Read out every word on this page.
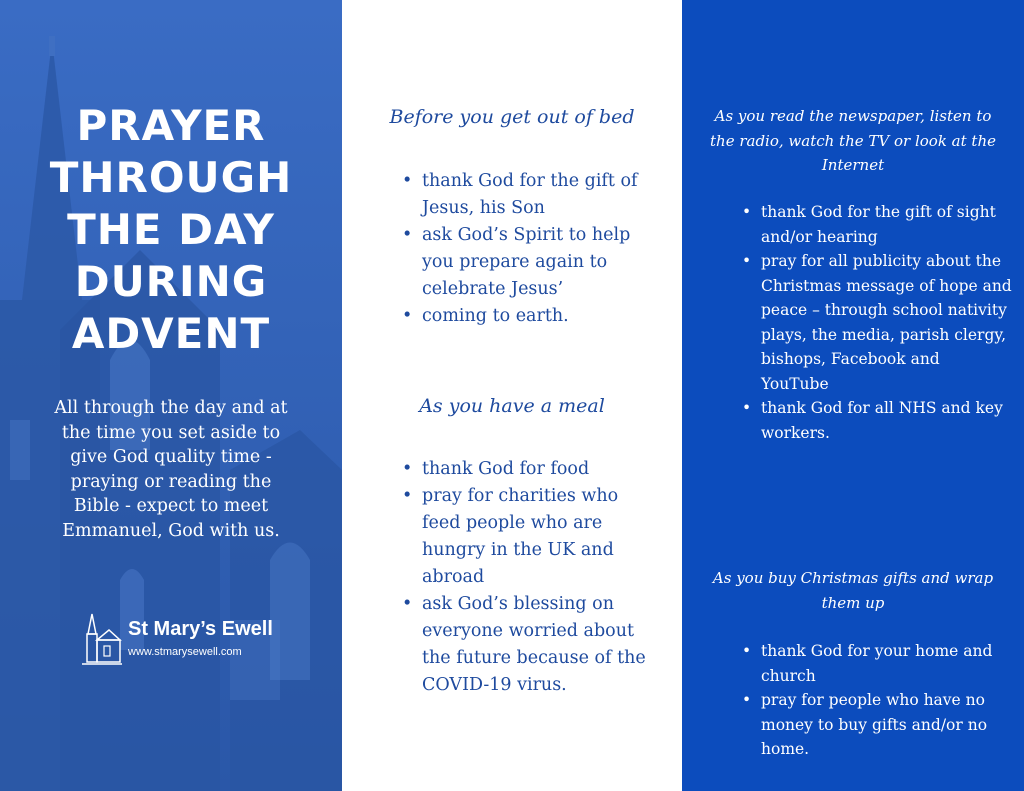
PRAYER
THROUGH
THE DAY
DURING
ADVENT
All through the day and at the time you set aside to give God quality time - praying or reading the Bible - expect to meet Emmanuel, God with us.
St Mary’s Ewell
www.stmarysewell.com
Before you get out of bed
• thank God for the gift of Jesus, his Son
• ask God’s Spirit to help you prepare again to celebrate Jesus’
• coming to earth.
As you have a meal
• thank God for food
• pray for charities who feed people who are hungry in the UK and abroad
• ask God’s blessing on everyone worried about the future because of the COVID-19 virus.
As you read the newspaper, listen to the radio, watch the TV or look at the Internet
• thank God for the gift of sight and/or hearing
• pray for all publicity about the Christmas message of hope and peace – through school nativity plays, the media, parish clergy, bishops, Facebook and YouTube
• thank God for all NHS and key workers.
As you buy Christmas gifts and wrap them up
• thank God for your home and church
• pray for people who have no money to buy gifts and/or no home.
